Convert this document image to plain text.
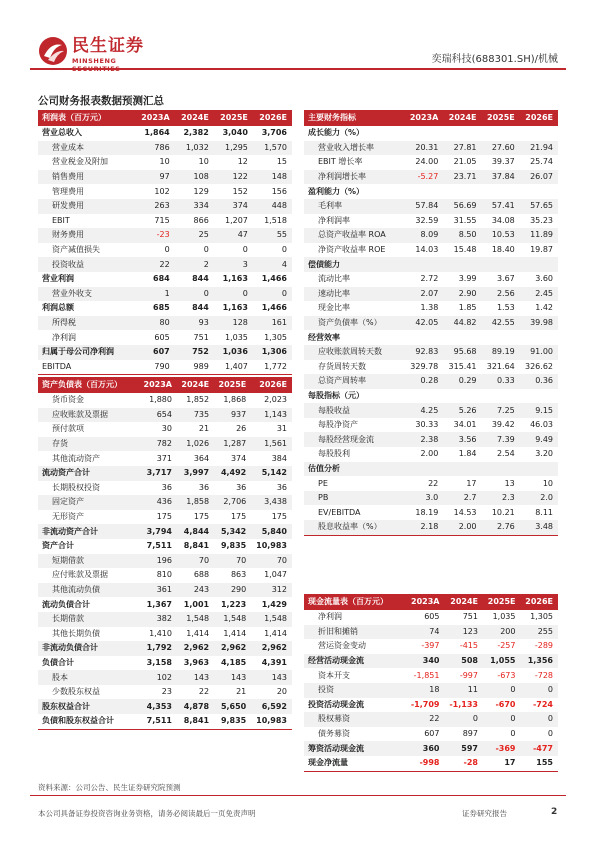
民生证券
MINSHENG	奕瑞科技(688301.SH)/机械
公司财务报表数据预测汇总
利润表（百万元）	2023A	2024E	2025E	2026E
营业总收入	1,864	2,382	3,040	3,706
营业成本	786	1,032	1,295	1,570
营业税金及附加	10	10	12	15
销售费用	97	108	122	148
管理费用	102	129	152	156
研发费用	263	334	374	448
EBIT	715	866	1,207	1,518
财务费用	-23	25	47	55
资产减值损失	0	0	0	0
投资收益	22	2	3	4
营业利润	684	844	1,163	1,466
营业外收支	1	0	0	0
利润总额	685	844	1,163	1,466
所得税	80	93	128	161
净利润	605	751	1,035	1,305
归属于母公司净利润	607	752	1,036	1,306
EBITDA	790	989	1,407	1,772
资产负债表（百万元）	2023A	2024E	2025E	2026E
货币资金	1,880	1,852	1,868	2,023
应收账款及票据	654	735	937	1,143
预付款项	30	21	26	31
存货	782	1,026	1,287	1,561
其他流动资产	371	364	374	384
流动资产合计	3,717	3,997	4,492	5,142
长期股权投资	36	36	36	36
固定资产	436	1,858	2,706	3,438
无形资产	175	175	175	175
非流动资产合计	3,794	4,844	5,342	5,840
资产合计	7,511	8,841	9,835	10,983
短期借款	196	70	70	70
应付账款及票据	810	688	863	1,047
其他流动负债	361	243	290	312
流动负债合计	1,367	1,001	1,223	1,429
长期借款	382	1,548	1,548	1,548
其他长期负债	1,410	1,414	1,414	1,414
非流动负债合计	1,792	2,962	2,962	2,962
负债合计	3,158	3,963	4,185	4,391
股本	102	143	143	143
少数股东权益	23	22	21	20
股东权益合计	4,353	4,878	5,650	6,592
负债和股东权益合计	7,511	8,841	9,835	10,983
主要财务指标	2023A	2024E	2025E	2026E
成长能力（%）				
营业收入增长率	20.31	27.81	27.60	21.94
EBIT 增长率	24.00	21.05	39.37	25.74
净利润增长率	-5.27	23.71	37.84	26.07
盈利能力（%）				
毛利率	57.84	56.69	57.41	57.65
净利润率	32.59	31.55	34.08	35.23
总资产收益率 ROA	8.09	8.50	10.53	11.89
净资产收益率 ROE	14.03	15.48	18.40	19.87
偿债能力				
流动比率	2.72	3.99	3.67	3.60
速动比率	2.07	2.90	2.56	2.45
现金比率	1.38	1.85	1.53	1.42
资产负债率（%）	42.05	44.82	42.55	39.98
经营效率				
应收账款周转天数	92.83	95.68	89.19	91.00
存货周转天数	329.78	315.41	321.64	326.62
总资产周转率	0.28	0.29	0.33	0.36
每股指标（元）				
每股收益	4.25	5.26	7.25	9.15
每股净资产	30.33	34.01	39.42	46.03
每股经营现金流	2.38	3.56	7.39	9.49
每股股利	2.00	1.84	2.54	3.20
估值分析				
PE	22	17	13	10
PB	3.0	2.7	2.3	2.0
EV/EBITDA	18.19	14.53	10.21	8.11
股息收益率（%）	2.18	2.00	2.76	3.48
现金流量表（百万元）	2023A	2024E	2025E	2026E
净利润	605	751	1,035	1,305
折旧和摊销	74	123	200	255
营运资金变动	-397	-415	-257	-289
经营活动现金流	340	508	1,055	1,356
资本开支	-1,851	-997	-673	-728
投资	18	11	0	0
投资活动现金流	-1,709	-1,133	-670	-724
股权募资	22	0	0	0
债务募资	607	897	0	0
筹资活动现金流	360	597	-369	-477
现金净流量	-998	-28	17	155
资料来源：公司公告、民生证券研究院预测
本公司具备证券投资咨询业务资格，请务必阅读最后一页免责声明	证券研究报告	2
